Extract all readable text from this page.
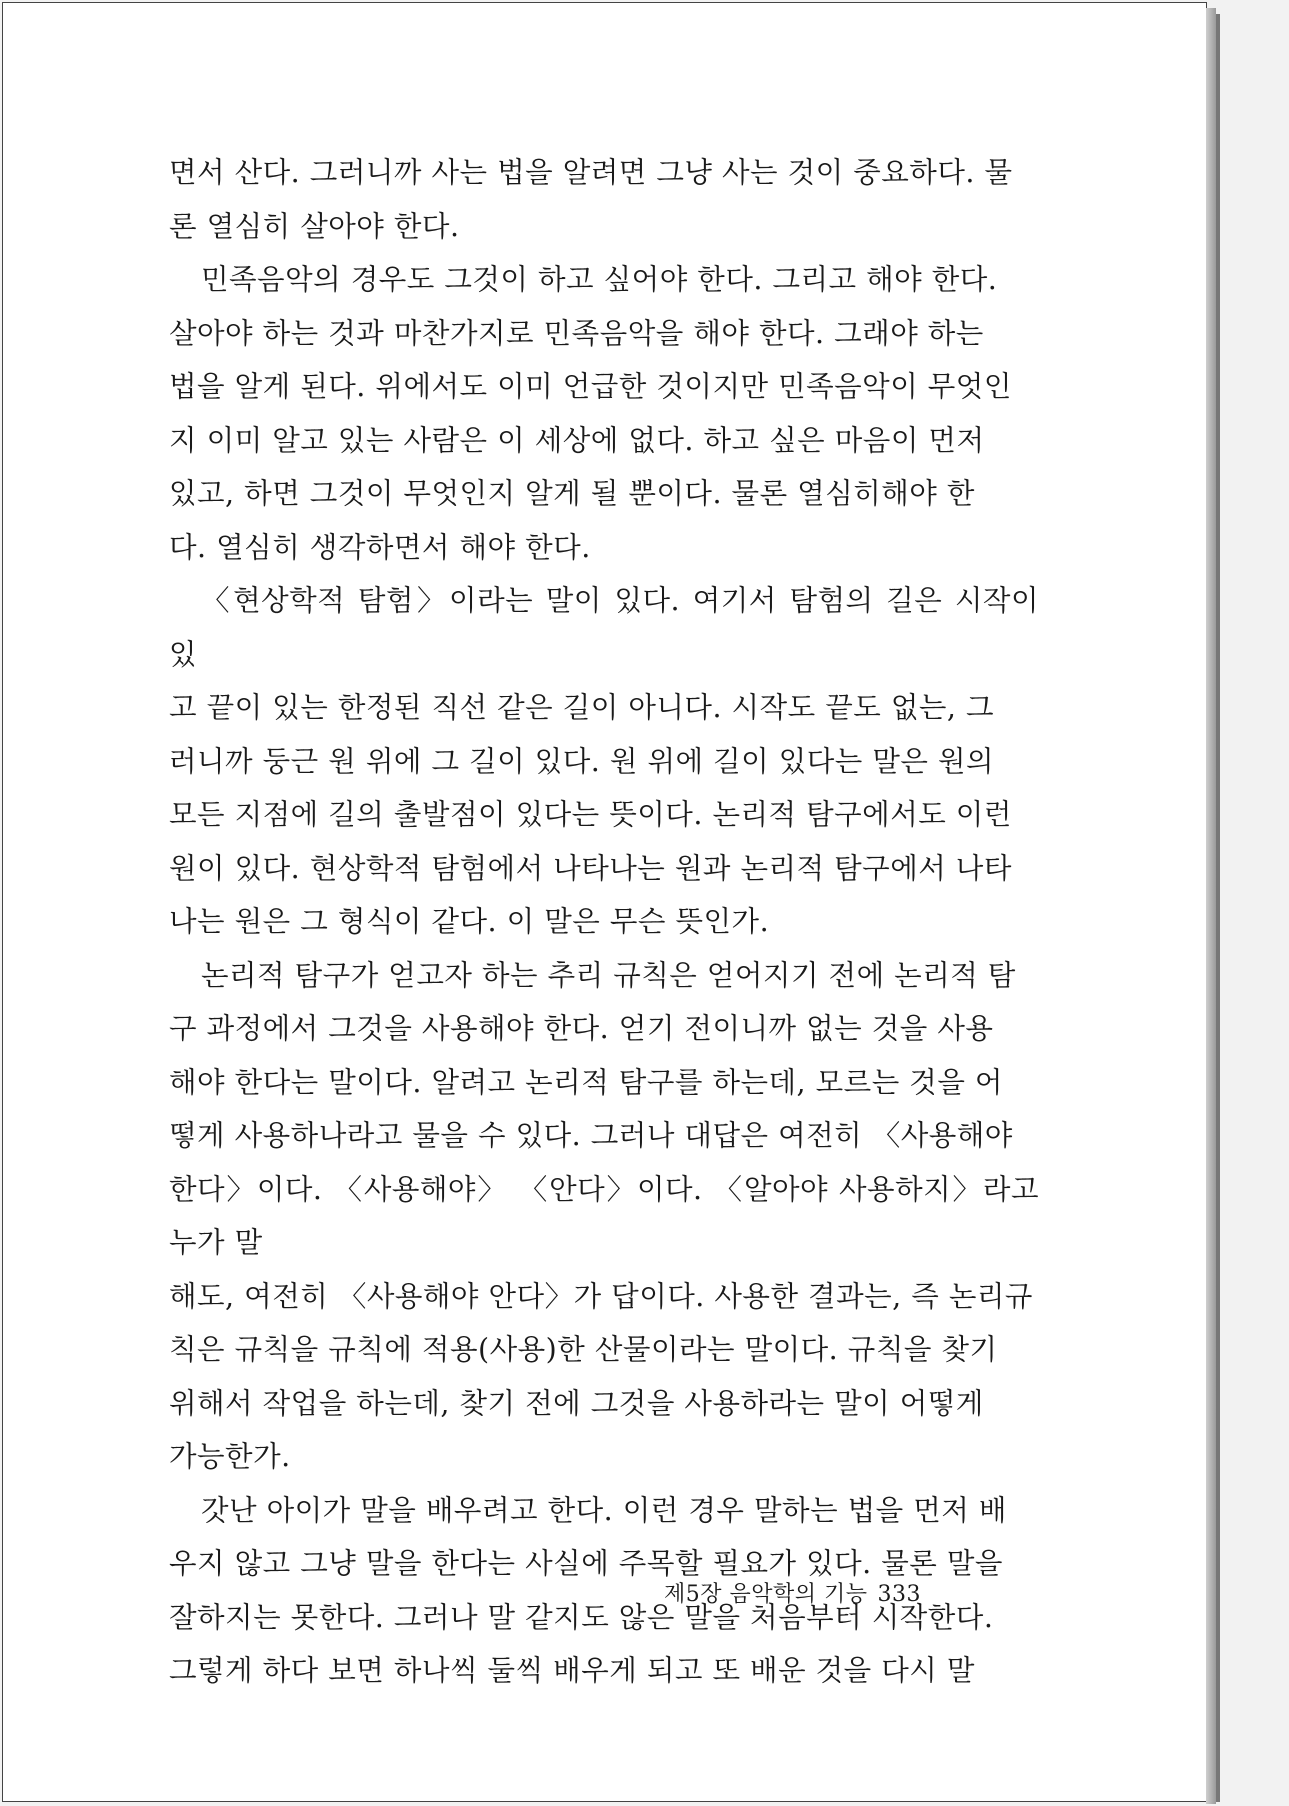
면서 산다. 그러니까 사는 법을 알려면 그냥 사는 것이 중요하다. 물
론 열심히 살아야 한다.

민족음악의 경우도 그것이 하고 싶어야 한다. 그리고 해야 한다.
살아야 하는 것과 마찬가지로 민족음악을 해야 한다. 그래야 하는
법을 알게 된다. 위에서도 이미 언급한 것이지만 민족음악이 무엇인
지 이미 알고 있는 사람은 이 세상에 없다. 하고 싶은 마음이 먼저
있고, 하면 그것이 무엇인지 알게 될 뿐이다. 물론 열심히해야 한
다. 열심히 생각하면서 해야 한다.

〈현상학적 탐험〉이라는 말이 있다. 여기서 탐험의 길은 시작이 있
고 끝이 있는 한정된 직선 같은 길이 아니다. 시작도 끝도 없는, 그
러니까 둥근 원 위에 그 길이 있다. 원 위에 길이 있다는 말은 원의
모든 지점에 길의 출발점이 있다는 뜻이다. 논리적 탐구에서도 이런
원이 있다. 현상학적 탐험에서 나타나는 원과 논리적 탐구에서 나타
나는 원은 그 형식이 같다. 이 말은 무슨 뜻인가.

논리적 탐구가 얻고자 하는 추리 규칙은 얻어지기 전에 논리적 탐
구 과정에서 그것을 사용해야 한다. 얻기 전이니까 없는 것을 사용
해야 한다는 말이다. 알려고 논리적 탐구를 하는데, 모르는 것을 어
떻게 사용하나라고 물을 수 있다. 그러나 대답은 여전히 〈사용해야
한다〉이다. 〈사용해야〉 〈안다〉이다. 〈알아야 사용하지〉라고 누가 말
해도, 여전히 〈사용해야 안다〉가 답이다. 사용한 결과는, 즉 논리규
칙은 규칙을 규칙에 적용(사용)한 산물이라는 말이다. 규칙을 찾기
위해서 작업을 하는데, 찾기 전에 그것을 사용하라는 말이 어떻게
가능한가.

갓난 아이가 말을 배우려고 한다. 이런 경우 말하는 법을 먼저 배
우지 않고 그냥 말을 한다는 사실에 주목할 필요가 있다. 물론 말을
잘하지는 못한다. 그러나 말 같지도 않은 말을 처음부터 시작한다.
그렇게 하다 보면 하나씩 둘씩 배우게 되고 또 배운 것을 다시 말

제5장 음악학의 기능 333
